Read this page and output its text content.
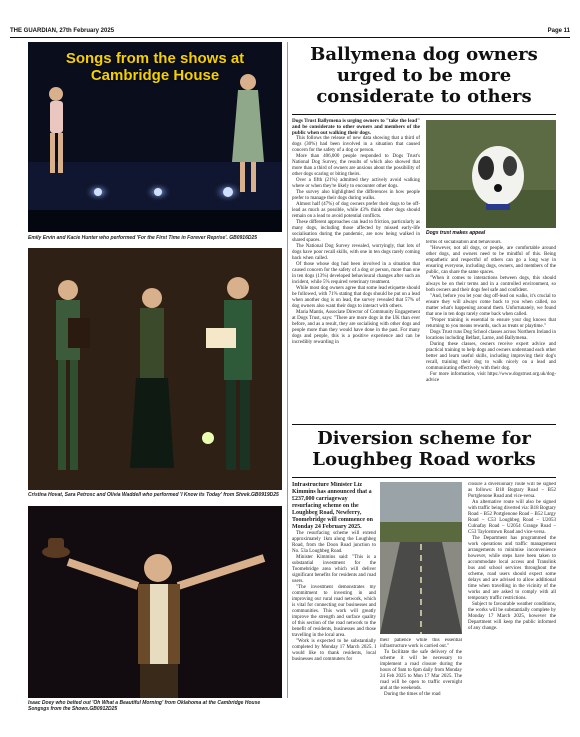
THE GUARDIAN, 27th February 2025	Page 11
Songs from the shows at Cambridge House
Emily Ervin and Kacie Hunter who performed 'For the First Time in Forever Reprise'. GB0916D25
Cristina Hovat, Sara Petrosc and Olivia Waddell who performed 'I Know its Today' from Shrek.GB0919D25
Isaac Doey who belted out 'Oh What a Beautiful Morning' from Oklahoma at the Cambridge House Songsgs from the Shows.GB0912D25
Ballymena dog owners urged to be more considerate to others

Dogs Trust Ballymena is urging owners to "take the lead" and be considerate to other owners and members of the public when out walking their dogs.

This follows the release of new data showing that a third of dogs (30%) had been involved in a situation that caused concern for the safety of a dog or person.

More than 406,000 people responded to Dogs Trust's National Dog Survey, the results of which also showed that more than a third of owners are anxious about the possibility of other dogs scaring or biting theirs.

Over a fifth (21%) admitted they actively avoid walking where or when they're likely to encounter other dogs.

The survey also highlighted the differences in how people prefer to manage their dogs during walks.

Almost half (47%) of dog owners prefer their dogs to be off-lead as much as possible, while 43% think other dogs should remain on a lead to avoid potential conflicts.

These different approaches can lead to friction, particularly as many dogs, including those affected by missed early-life socialisation during the pandemic, are now being walked in shared spaces.

The National Dog Survey revealed, worryingly, that lots of dogs have poor recall skills, with one in ten dogs rarely coming back when called.

Of those whose dog had been involved in a situation that caused concern for the safety of a dog or person, more than one in ten dogs (13%) developed behavioural changes after such an incident, while 5% required veterinary treatment.

While most dog owners agree that some lead etiquette should be followed, with 71% stating that dogs should be put on a lead when another dog is on lead, the survey revealed that 57% of dog owners also want their dogs to interact with others.

Maria Mantis, Associate Director of Community Engagement at Dogs Trust, says: "There are more dogs in the UK than ever before, and as a result, they are socialising with other dogs and people more than they would have done in the past. For many dogs and people, this is a positive experience and can be incredibly rewarding in

Dogs trust makes appeal

terms of socialisation and behaviours.

"However, not all dogs, or people, are comfortable around other dogs, and owners need to be mindful of this. Being empathetic and respectful of others can go a long way in ensuring everyone, including dogs, owners, and members of the public, can share the same spaces.

"When it comes to interactions between dogs, this should always be on their terms and in a controlled environment, so both owners and their dogs feel safe and confident.

"And, before you let your dog off-lead on walks, it's crucial to ensure they will always come back to you when called, no matter what's happening around them. Unfortunately, we found that one in ten dogs rarely come back when called.

"Proper training is essential to ensure your dog knows that returning to you means rewards, such as treats or playtime."

Dogs Trust runs Dog School classes across Northern Ireland in locations including Belfast, Larne, and Ballymena.

During these classes, owners receive expert advice and practical training to help dogs and owners understand each other better and learn useful skills, including improving their dog's recall, training their dog to walk nicely on a lead and communicating effectively with their dog.

For more information, visit https://www.dogstrust.org.uk/dog-advice

Diversion scheme for Loughbeg Road works

Infrastructure Minister Liz Kimmins has announced that a £237,000 carriageway resurfacing scheme on the Loughbeg Road, Newferry, Toomebridge will commence on Monday 24 February 2025.

The resurfacing scheme will extend approximately 1km along the Loughbeg Road, from the Doon Road junction to No. 53a Loughbeg Road.

Minister Kimmins said: "This is a substantial investment for the Toomebridge area which will deliver significant benefits for residents and road users.

"The investment demonstrates my commitment to investing in and improving our rural road network, which is vital for connecting our businesses and communities. This work will greatly improve the strength and surface quality of this section of the road network to the benefit of residents, businesses and those travelling in the local area.

"Work is expected to be substantially completed by Monday 17 March 2025. I would like to thank residents, local businesses and commuters for

their patience while this essential infrastructure work is carried out."

To facilitate the safe delivery of the scheme it will be necessary to implement a road closure during the hours of 9am to 6pm daily from Monday 24 Feb 2025 to Mon 17 Mar 2025. The road will be open to traffic overnight and at the weekends.

During the times of the road

closure a diversionary route will be signed as follows: B18 Bogtary Road – B52 Portglenone Road and vice-versa.

An alternative route will also be signed with traffic being diverted via: B18 Bogtary Road – B52 Portglenone Road – B52 Largy Road – C53 Loughbeg Road – U2053 Culnafay Road – U2054 Grange Road – C53 Taylorstown Road and vice-versa.

The Department has programmed the work operations and traffic management arrangements to minimise inconvenience however, while steps have been taken to accommodate local access and Translink bus and school services throughout the scheme, road users should expect some delays and are advised to allow additional time when travelling in the vicinity of the works and are asked to comply with all temporary traffic restrictions.

Subject to favourable weather conditions, the works will be substantially complete by Monday 17 March 2025, however the Department will keep the public informed of any change.
